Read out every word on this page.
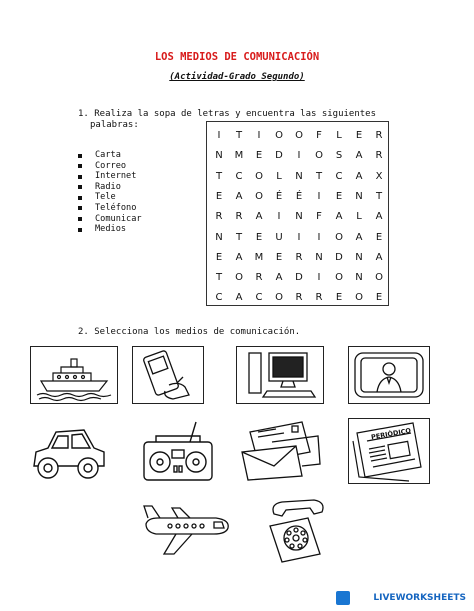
LOS MEDIOS DE COMUNICACIÓN
(Actividad-Grado Segundo)
1. Realiza la sopa de letras y encuentra las siguientes
palabras:
Carta
Correo
Internet
Radio
Tele
Teléfono
Comunicar
Medios
I	T	I	O	O	F	L	E	R
N	M	E	D	I	O	S	A	R
T	C	O	L	N	T	C	A	X
E	A	O	É	É	I	E	N	T
R	R	A	I	N	F	A	L	A
N	T	E	U	I	I	O	A	E
E	A	M	E	R	N	D	N	A
T	O	R	A	D	I	O	N	O
C	A	C	O	R	R	E	O	E
2. Selecciona los medios de comunicación.
PERIÓDICO
LIVEWORKSHEETS
